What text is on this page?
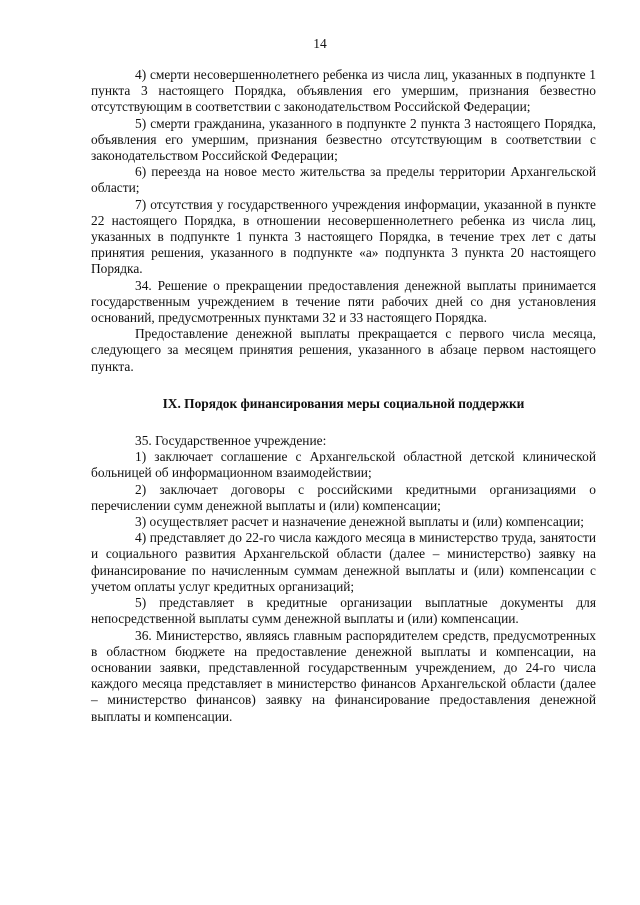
14

4) смерти несовершеннолетнего ребенка из числа лиц, указанных в подпункте 1 пункта 3 настоящего Порядка, объявления его умершим, признания безвестно отсутствующим в соответствии с законодательством Российской Федерации;

5) смерти гражданина, указанного в подпункте 2 пункта 3 настоящего Порядка, объявления его умершим, признания безвестно отсутствующим в соответствии с законодательством Российской Федерации;

6) переезда на новое место жительства за пределы территории Архангельской области;

7) отсутствия у государственного учреждения информации, указанной в пункте 22 настоящего Порядка, в отношении несовершеннолетнего ребенка из числа лиц, указанных в подпункте 1 пункта 3 настоящего Порядка, в течение трех лет с даты принятия решения, указанного в подпункте «а» подпункта 3 пункта 20 настоящего Порядка.

34. Решение о прекращении предоставления денежной выплаты принимается государственным учреждением в течение пяти рабочих дней со дня установления оснований, предусмотренных пунктами 32 и 33 настоящего Порядка.

Предоставление денежной выплаты прекращается с первого числа месяца, следующего за месяцем принятия решения, указанного в абзаце первом настоящего пункта.

IX. Порядок финансирования меры социальной поддержки

35. Государственное учреждение:

1) заключает соглашение с Архангельской областной детской клинической больницей об информационном взаимодействии;

2) заключает договоры с российскими кредитными организациями о перечислении сумм денежной выплаты и (или) компенсации;

3) осуществляет расчет и назначение денежной выплаты и (или) компенсации;

4) представляет до 22-го числа каждого месяца в министерство труда, занятости и социального развития Архангельской области (далее – министерство) заявку на финансирование по начисленным суммам денежной выплаты и (или) компенсации с учетом оплаты услуг кредитных организаций;

5) представляет в кредитные организации выплатные документы для непосредственной выплаты сумм денежной выплаты и (или) компенсации.

36. Министерство, являясь главным распорядителем средств, предусмотренных в областном бюджете на предоставление денежной выплаты и компенсации, на основании заявки, представленной государственным учреждением, до 24-го числа каждого месяца представляет в министерство финансов Архангельской области (далее – министерство финансов) заявку на финансирование предоставления денежной выплаты и компенсации.
